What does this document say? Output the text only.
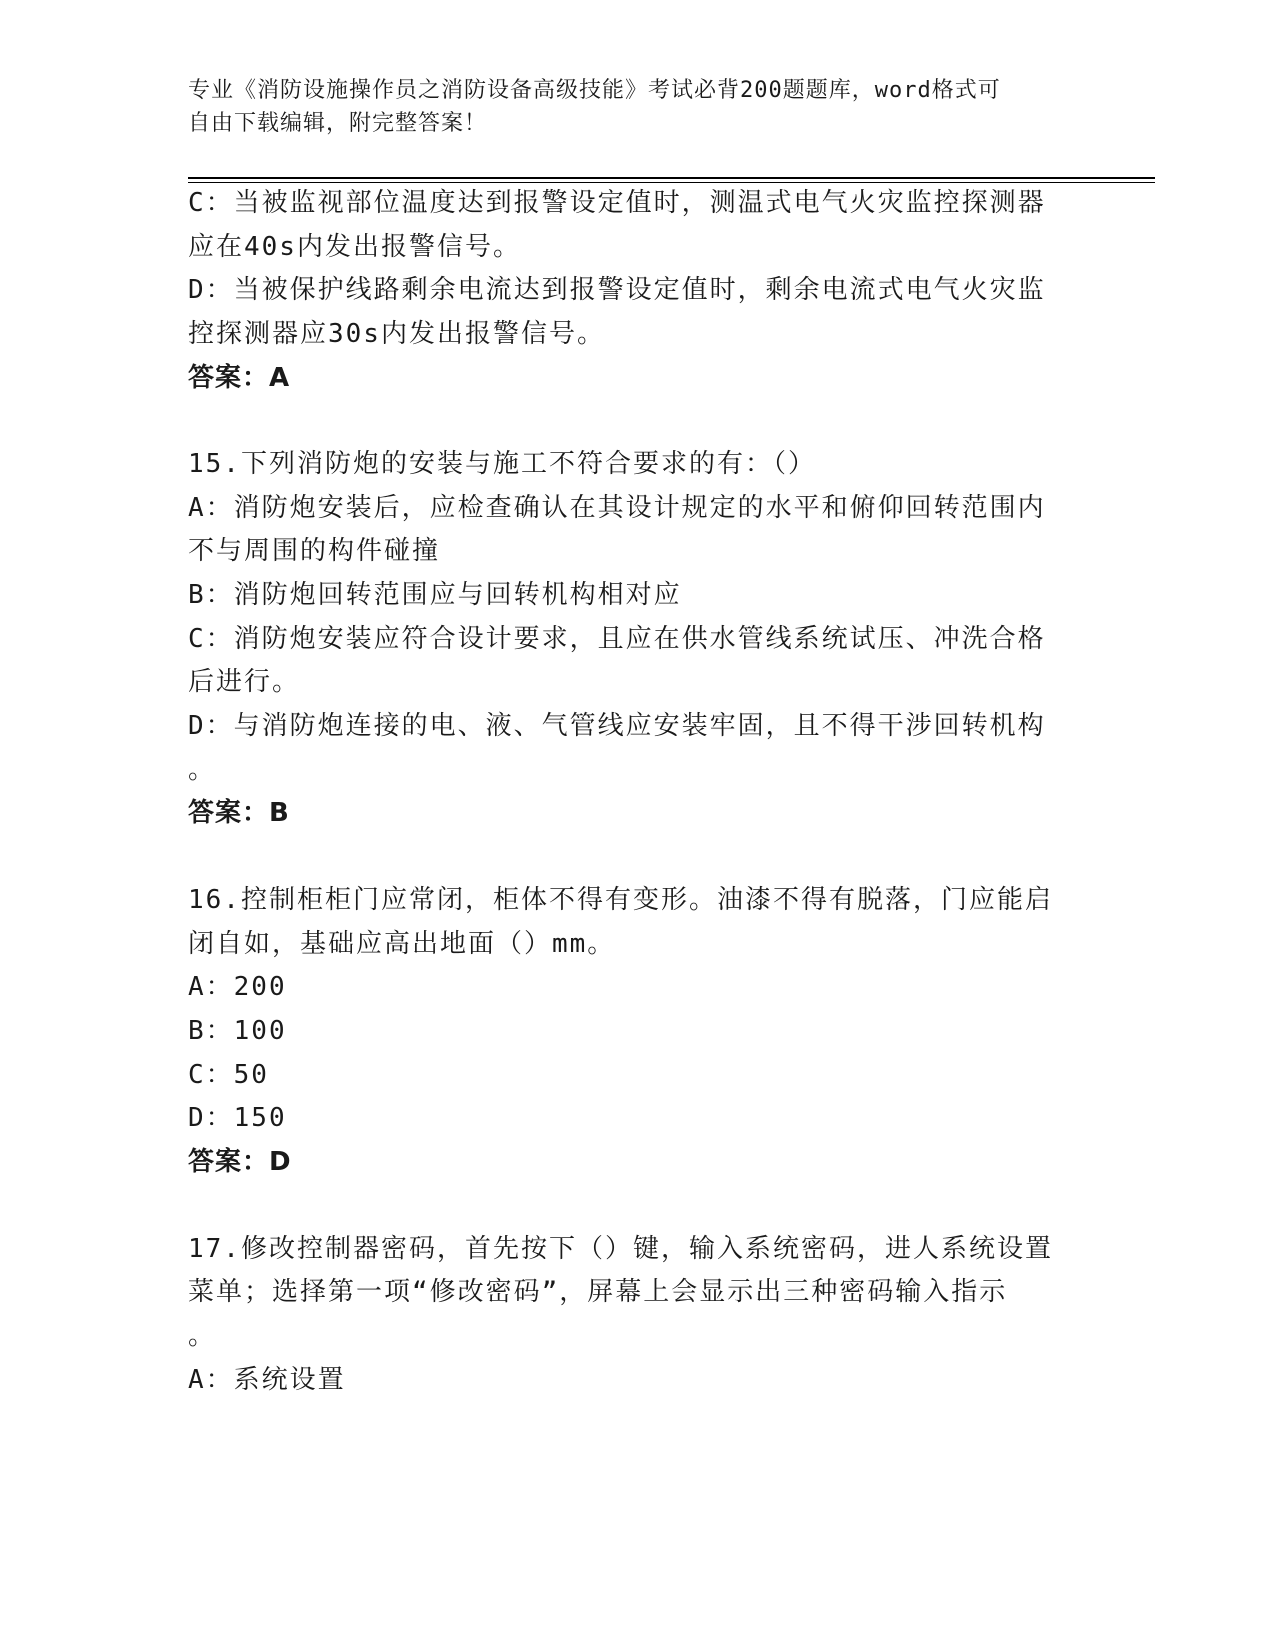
专业《消防设施操作员之消防设备高级技能》考试必背200题题库，word格式可

自由下载编辑，附完整答案！

C：当被监视部位温度达到报警设定值时，测温式电气火灾监控探测器

应在40s内发出报警信号。

D：当被保护线路剩余电流达到报警设定值时，剩余电流式电气火灾监

控探测器应30s内发出报警信号。

答案：A

15.下列消防炮的安装与施工不符合要求的有：（）

A：消防炮安装后，应检查确认在其设计规定的水平和俯仰回转范围内

不与周围的构件碰撞

B：消防炮回转范围应与回转机构相对应

C：消防炮安装应符合设计要求，且应在供水管线系统试压、冲洗合格

后进行。

D：与消防炮连接的电、液、气管线应安装牢固，且不得干涉回转机构

。

答案：B

16.控制柜柜门应常闭，柜体不得有变形。油漆不得有脱落，门应能启

闭自如，基础应高出地面（）mm。

A：200

B：100

C：50

D：150

答案：D

17.修改控制器密码，首先按下（）键，输入系统密码，进人系统设置

菜单；选择第一项“修改密码”，屏幕上会显示出三种密码输入指示

。

A：系统设置
